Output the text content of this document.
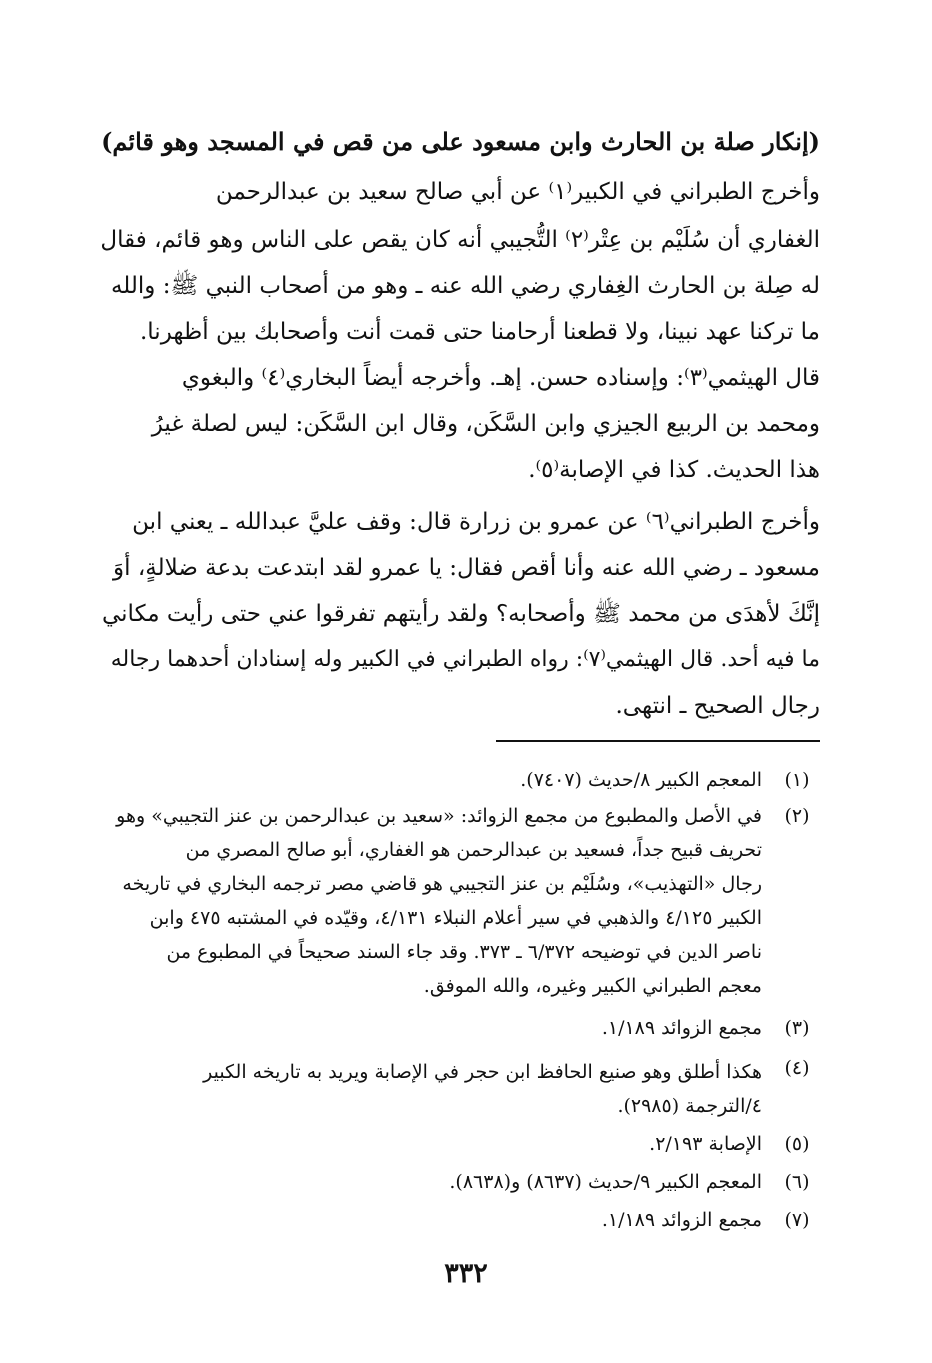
(إنكار صلة بن الحارث وابن مسعود على من قص في المسجد وهو قائم)
وأخرج الطبراني في الكبير⁽١⁾ عن أبي صالح سعيد بن عبدالرحمن
الغفاري أن سُلَيْم بن عِتْر⁽٢⁾ التُّجيبي أنه كان يقص على الناس وهو قائم، فقال
له صِلة بن الحارث الغِفاري رضي الله عنه ـ وهو من أصحاب النبي ﷺ: والله
ما تركنا عهد نبينا، ولا قطعنا أرحامنا حتى قمت أنت وأصحابك بين أظهرنا.
قال الهيثمي⁽٣⁾: وإسناده حسن. إهـ. وأخرجه أيضاً البخاري⁽٤⁾ والبغوي
ومحمد بن الربيع الجيزي وابن السَّكَن، وقال ابن السَّكَن: ليس لصلة غيرُ
هذا الحديث. كذا في الإصابة⁽٥⁾.
وأخرج الطبراني⁽٦⁾ عن عمرو بن زرارة قال: وقف عليَّ عبدالله ـ يعني ابن
مسعود ـ رضي الله عنه وأنا أقص فقال: يا عمرو لقد ابتدعت بدعة ضلالةٍ، أوَ
إنَّكَ لأهدَى من محمد ﷺ وأصحابه؟ ولقد رأيتهم تفرقوا عني حتى رأيت مكاني
ما فيه أحد. قال الهيثمي⁽٧⁾: رواه الطبراني في الكبير وله إسنادان أحدهما رجاله
رجال الصحيح ـ انتهى.
(١)
المعجم الكبير ٨/حديث (٧٤٠٧).
(٢)
في الأصل والمطبوع من مجمع الزوائد: «سعيد بن عبدالرحمن بن عنز التجيبي» وهو
تحريف قبيح جداً، فسعيد بن عبدالرحمن هو الغفاري، أبو صالح المصري من
رجال «التهذيب»، وسُلَيْم بن عنز التجيبي هو قاضي مصر ترجمه البخاري في تاريخه
الكبير ٤/١٢٥ والذهبي في سير أعلام النبلاء ٤/١٣١، وقيّده في المشتبه ٤٧٥ وابن
ناصر الدين في توضيحه ٦/٣٧٢ ـ ٣٧٣. وقد جاء السند صحيحاً في المطبوع من
معجم الطبراني الكبير وغيره، والله الموفق.
(٣)
مجمع الزوائد ١/١٨٩.
(٤)
هكذا أطلق وهو صنيع الحافظ ابن حجر في الإصابة ويريد به تاريخه الكبير
٤/الترجمة (٢٩٨٥).
(٥)
الإصابة ٢/١٩٣.
(٦)
المعجم الكبير ٩/حديث (٨٦٣٧) و(٨٦٣٨).
(٧)
مجمع الزوائد ١/١٨٩.
٣٣٢
